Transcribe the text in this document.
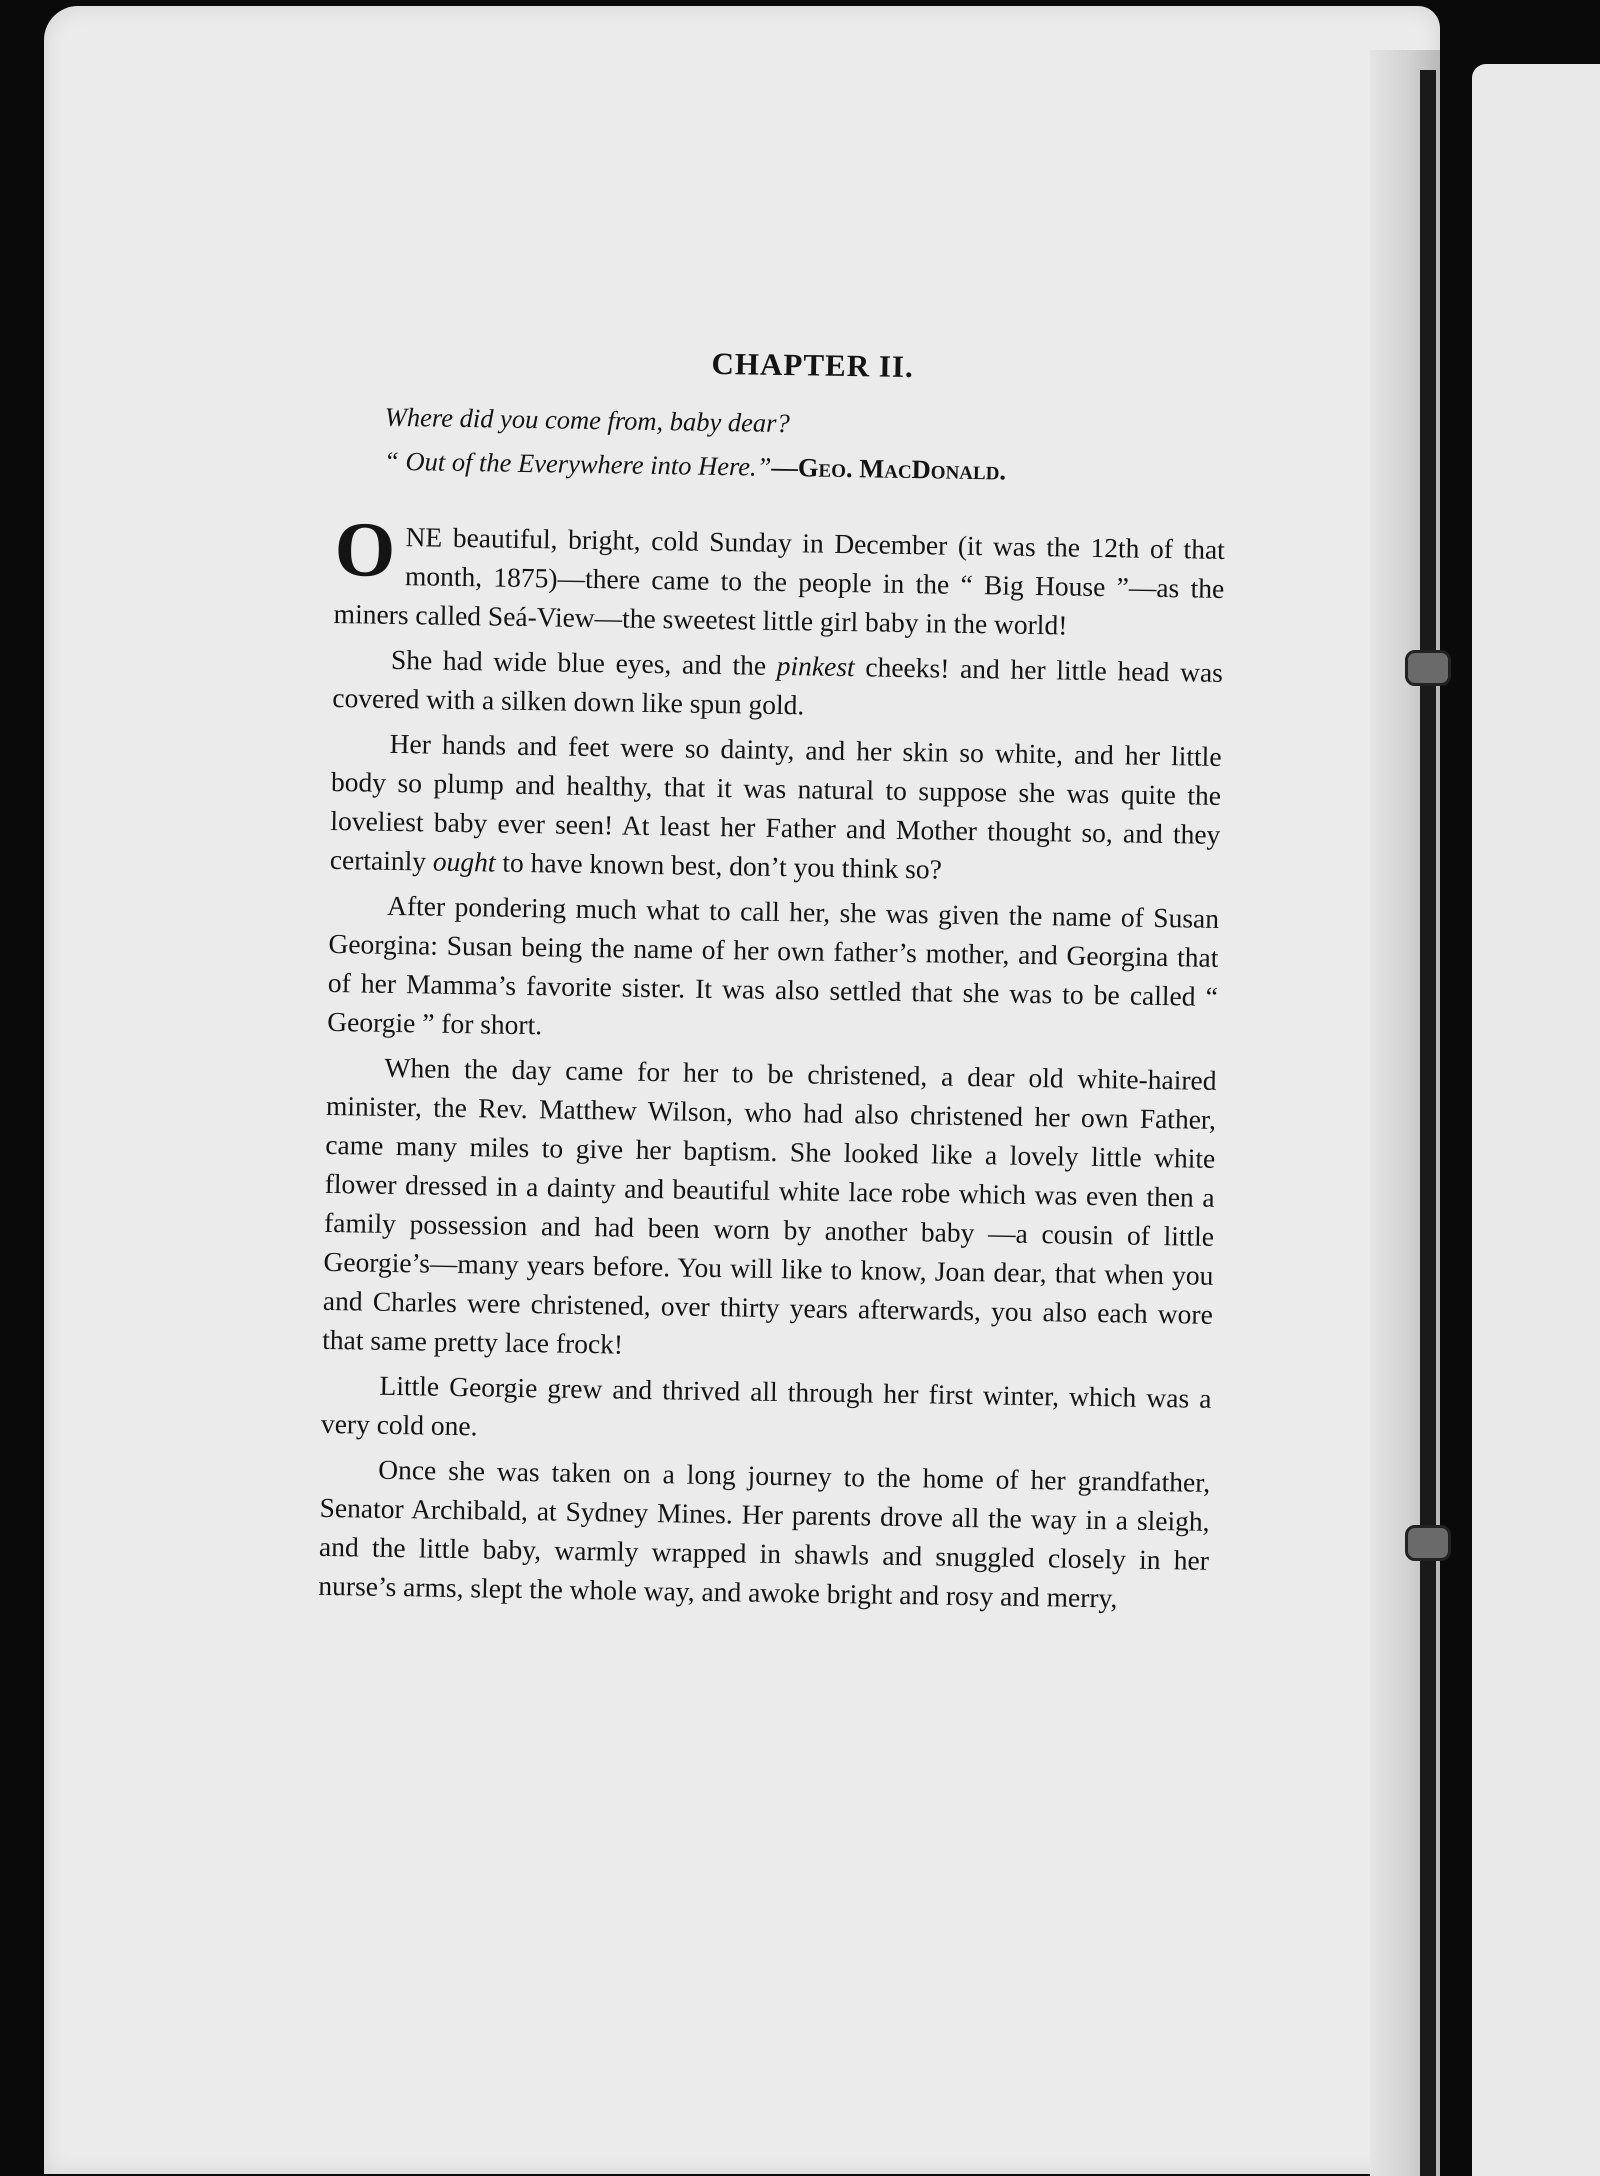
CHAPTER II.
Where did you come from, baby dear?
“ Out of the Everywhere into Here.”—Geo. MacDonald.

ONE beautiful, bright, cold Sunday in December (it was the 12th of that month, 1875)—there came to the people in the “ Big House ”—as the miners called Seá-View—the sweetest little girl baby in the world!

She had wide blue eyes, and the pinkest cheeks! and her little head was covered with a silken down like spun gold.

Her hands and feet were so dainty, and her skin so white, and her little body so plump and healthy, that it was natural to suppose she was quite the loveliest baby ever seen! At least her Father and Mother thought so, and they certainly ought to have known best, don’t you think so?

After pondering much what to call her, she was given the name of Susan Georgina: Susan being the name of her own father’s mother, and Georgina that of her Mamma’s favorite sister. It was also settled that she was to be called “ Georgie ” for short.

When the day came for her to be christened, a dear old white-haired minister, the Rev. Matthew Wilson, who had also christened her own Father, came many miles to give her baptism. She looked like a lovely little white flower dressed in a dainty and beautiful white lace robe which was even then a family possession and had been worn by another baby —a cousin of little Georgie’s—many years before. You will like to know, Joan dear, that when you and Charles were christened, over thirty years afterwards, you also each wore that same pretty lace frock!

Little Georgie grew and thrived all through her first winter, which was a very cold one.

Once she was taken on a long journey to the home of her grandfather, Senator Archibald, at Sydney Mines. Her parents drove all the way in a sleigh, and the little baby, warmly wrapped in shawls and snuggled closely in her nurse’s arms, slept the whole way, and awoke bright and rosy and merry,
